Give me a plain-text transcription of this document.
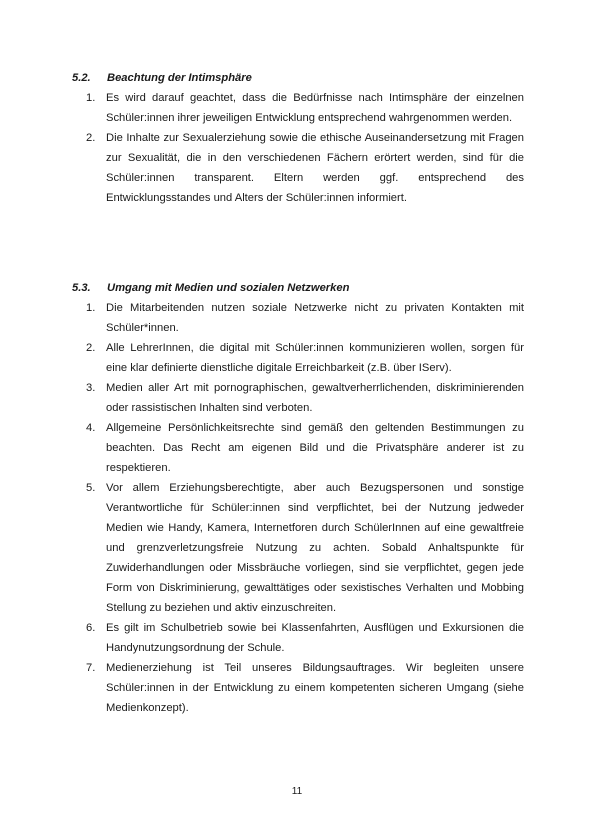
5.2.	Beachtung der Intimsphäre
1. Es wird darauf geachtet, dass die Bedürfnisse nach Intimsphäre der einzelnen Schüler:innen ihrer jeweiligen Entwicklung entsprechend wahrgenommen werden.
2. Die Inhalte zur Sexualerziehung sowie die ethische Auseinandersetzung mit Fragen zur Sexualität, die in den verschiedenen Fächern erörtert werden, sind für die Schüler:innen transparent. Eltern werden ggf. entsprechend des Entwicklungsstandes und Alters der Schüler:innen informiert.
5.3.	Umgang mit Medien und sozialen Netzwerken
1. Die Mitarbeitenden nutzen soziale Netzwerke nicht zu privaten Kontakten mit Schüler*innen.
2. Alle LehrerInnen, die digital mit Schüler:innen kommunizieren wollen, sorgen für eine klar definierte dienstliche digitale Erreichbarkeit (z.B. über IServ).
3. Medien aller Art mit pornographischen, gewaltverherrlichenden, diskriminierenden oder rassistischen Inhalten sind verboten.
4. Allgemeine Persönlichkeitsrechte sind gemäß den geltenden Bestimmungen zu beachten. Das Recht am eigenen Bild und die Privatsphäre anderer ist zu respektieren.
5. Vor allem Erziehungsberechtigte, aber auch Bezugspersonen und sonstige Verantwortliche für Schüler:innen sind verpflichtet, bei der Nutzung jedweder Medien wie Handy, Kamera, Internetforen durch SchülerInnen auf eine gewaltfreie und grenzverletzungsfreie Nutzung zu achten. Sobald Anhaltspunkte für Zuwiderhandlungen oder Missbräuche vorliegen, sind sie verpflichtet, gegen jede Form von Diskriminierung, gewalttätiges oder sexistisches Verhalten und Mobbing Stellung zu beziehen und aktiv einzuschreiten.
6. Es gilt im Schulbetrieb sowie bei Klassenfahrten, Ausflügen und Exkursionen die Handynutzungsordnung der Schule.
7. Medienerziehung ist Teil unseres Bildungsauftrages. Wir begleiten unsere Schüler:innen in der Entwicklung zu einem kompetenten sicheren Umgang (siehe Medienkonzept).
11
